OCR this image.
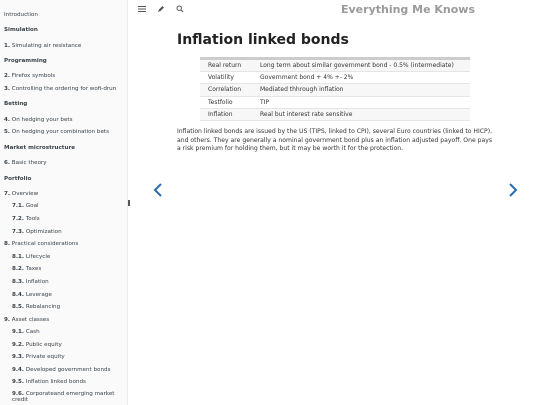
Introduction
Simulation
1. Simulating air resistance
Programming
2. Firefox symbols
3. Controlling the ordering for wofi-drun
Betting
4. On hedging your bets
5. On hedging your combination bets
Market microstructure
6. Basic theory
Portfolio
7. Overview
7.1. Goal
7.2. Tools
7.3. Optimization
8. Practical considerations
8.1. Lifecycle
8.2. Taxes
8.3. Inflation
8.4. Leverage
8.5. Rebalancing
9. Asset classes
9.1. Cash
9.2. Public equity
9.3. Private equity
9.4. Developed government bonds
9.5. Inflation linked bonds
9.6. Corporateand emerging market credit
Everything Me Knows
Inflation linked bonds
Real return	Long term about similar government bond - 0.5% (intermediate)
Volatility	Government bond + 4% +- 2%
Correlation	Mediated thhrough inflation
Testfolio	TIP
Inflation	Real but interest rate sensitive

Inflation linked bonds are issued by the US (TIPS, linked to CPI), several Euro countries (linked to HICP), and others. They are generally a nominal government bond plus an inflation adjusted payoff. One pays a risk premium for holding them, but it may be worth it for the protection.
